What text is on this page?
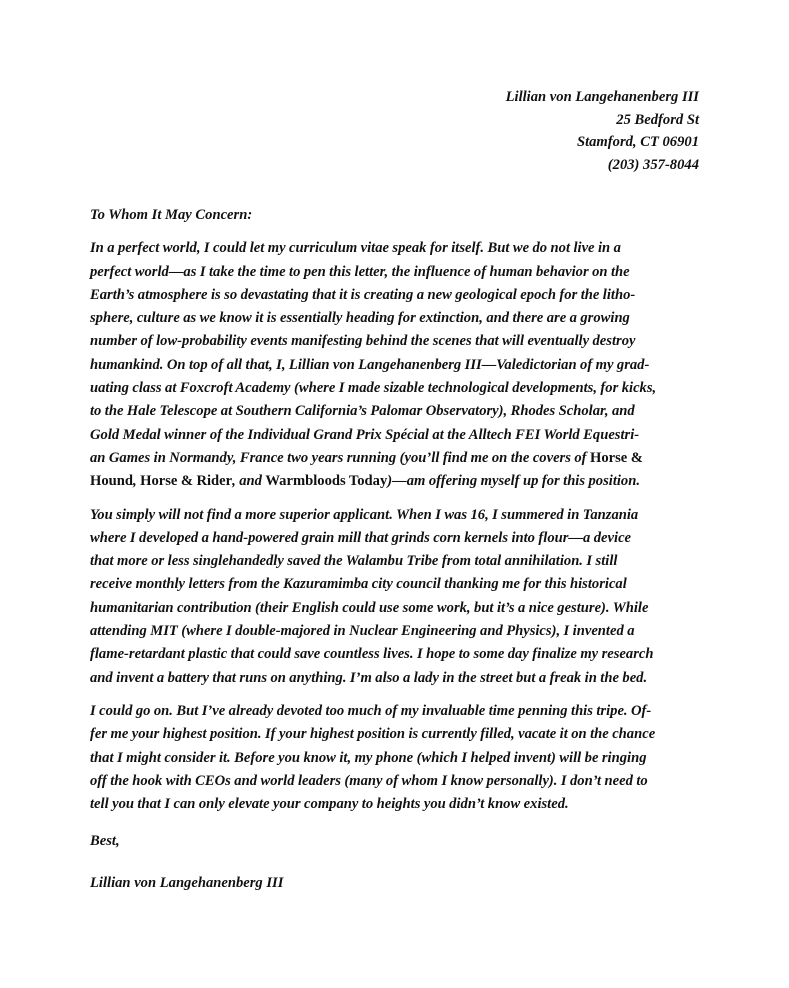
Lillian von Langehanenberg III
25 Bedford St
Stamford, CT 06901
(203) 357-8044
To Whom It May Concern:
In a perfect world, I could let my curriculum vitae speak for itself. But we do not live in a
perfect world—as I take the time to pen this letter, the influence of human behavior on the
Earth’s atmosphere is so devastating that it is creating a new geological epoch for the litho-
sphere, culture as we know it is essentially heading for extinction, and there are a growing
number of low-probability events manifesting behind the scenes that will eventually destroy
humankind. On top of all that, I, Lillian von Langehanenberg III—Valedictorian of my grad-
uating class at Foxcroft Academy (where I made sizable technological developments, for kicks,
to the Hale Telescope at Southern California’s Palomar Observatory), Rhodes Scholar, and
Gold Medal winner of the Individual Grand Prix Spécial at the Alltech FEI World Equestri-
an Games in Normandy, France two years running (you’ll find me on the covers of Horse &
Hound, Horse & Rider, and Warmbloods Today)—am offering myself up for this position.
You simply will not find a more superior applicant. When I was 16, I summered in Tanzania
where I developed a hand-powered grain mill that grinds corn kernels into flour—a device
that more or less singlehandedly saved the Walambu Tribe from total annihilation. I still
receive monthly letters from the Kazuramimba city council thanking me for this historical
humanitarian contribution (their English could use some work, but it’s a nice gesture). While
attending MIT (where I double-majored in Nuclear Engineering and Physics), I invented a
flame-retardant plastic that could save countless lives. I hope to some day finalize my research
and invent a battery that runs on anything. I’m also a lady in the street but a freak in the bed.
I could go on. But I’ve already devoted too much of my invaluable time penning this tripe. Of-
fer me your highest position. If your highest position is currently filled, vacate it on the chance
that I might consider it. Before you know it, my phone (which I helped invent) will be ringing
off the hook with CEOs and world leaders (many of whom I know personally). I don’t need to
tell you that I can only elevate your company to heights you didn’t know existed.
Best,
Lillian von Langehanenberg III
